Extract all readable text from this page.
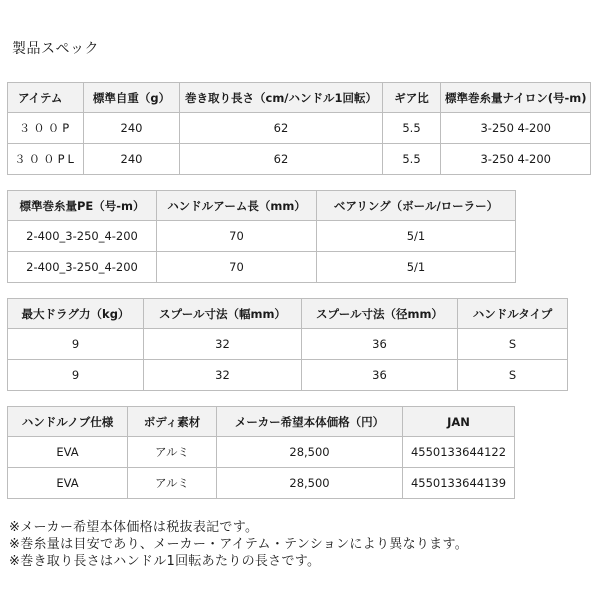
製品スペック
アイテム	標準自重（g）	巻き取り長さ（cm/ハンドル1回転）	ギア比	標準巻糸量ナイロン(号-m)
３００P	240	62	5.5	3-250 4-200
３００PL	240	62	5.5	3-250 4-200
標準巻糸量PE（号-m）	ハンドルアーム長（mm）	ベアリング（ボール/ローラー）
2-400_3-250_4-200	70	5/1
2-400_3-250_4-200	70	5/1
最大ドラグ力（kg）	スプール寸法（幅mm）	スプール寸法（径mm）	ハンドルタイプ
9	32	36	S
9	32	36	S
ハンドルノブ仕様	ボディ素材	メーカー希望本体価格（円）	JAN
EVA	アルミ	28,500	4550133644122
EVA	アルミ	28,500	4550133644139
※メーカー希望本体価格は税抜表記です。
※巻糸量は目安であり、メーカー・アイテム・テンションにより異なります。
※巻き取り長さはハンドル1回転あたりの長さです。
